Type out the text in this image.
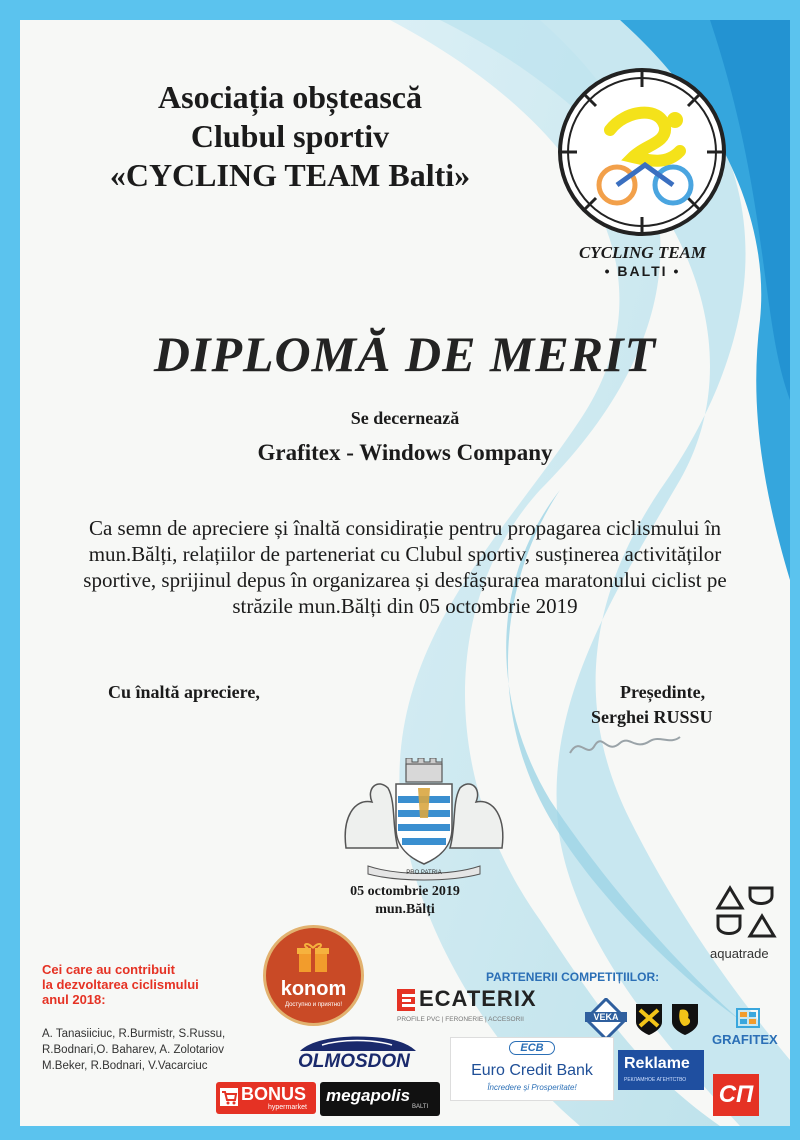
Asociația obștească
Clubul sportiv
«CYCLING TEAM Balti»
CYCLING TEAM
• BALTI •
DIPLOMĂ DE MERIT
Se decernează
Grafitex - Windows Company
Ca semn de apreciere și înaltă considirație pentru propagarea ciclismului în
mun.Bălți, relațiilor de parteneriat cu Clubul sportiv, susținerea activităților
sportive, sprijinul depus în organizarea și desfășurarea maratonului ciclist pe
străzile mun.Bălți din 05 octombrie 2019
Cu înaltă apreciere,	Președinte,
Serghei RUSSU
PRO PATRIA
05 octombrie 2019
mun.Bălți
Cei care au contribuit
la dezvoltarea ciclismului
anul 2018:
A. Tanasiiciuc, R.Burmistr, S.Russu,
R.Bodnari,O. Baharev, A. Zolotariov
M.Beker, R.Bodnari, V.Vacarciuc
konom
Доступно и приятно!
aquatrade
PARTENERII COMPETIȚIILOR:
ECATERIX
PROFILE PVC | FERONERIE | ACCESORII	VEKA
GRAFITEX
OLMOSDON
ECB
Euro Credit Bank
Încredere și Prosperitate!
Reklame
РЕКЛАМНОЕ АГЕНТСТВО
BONUS
hypermarket
megapolis
BALTI	СП
